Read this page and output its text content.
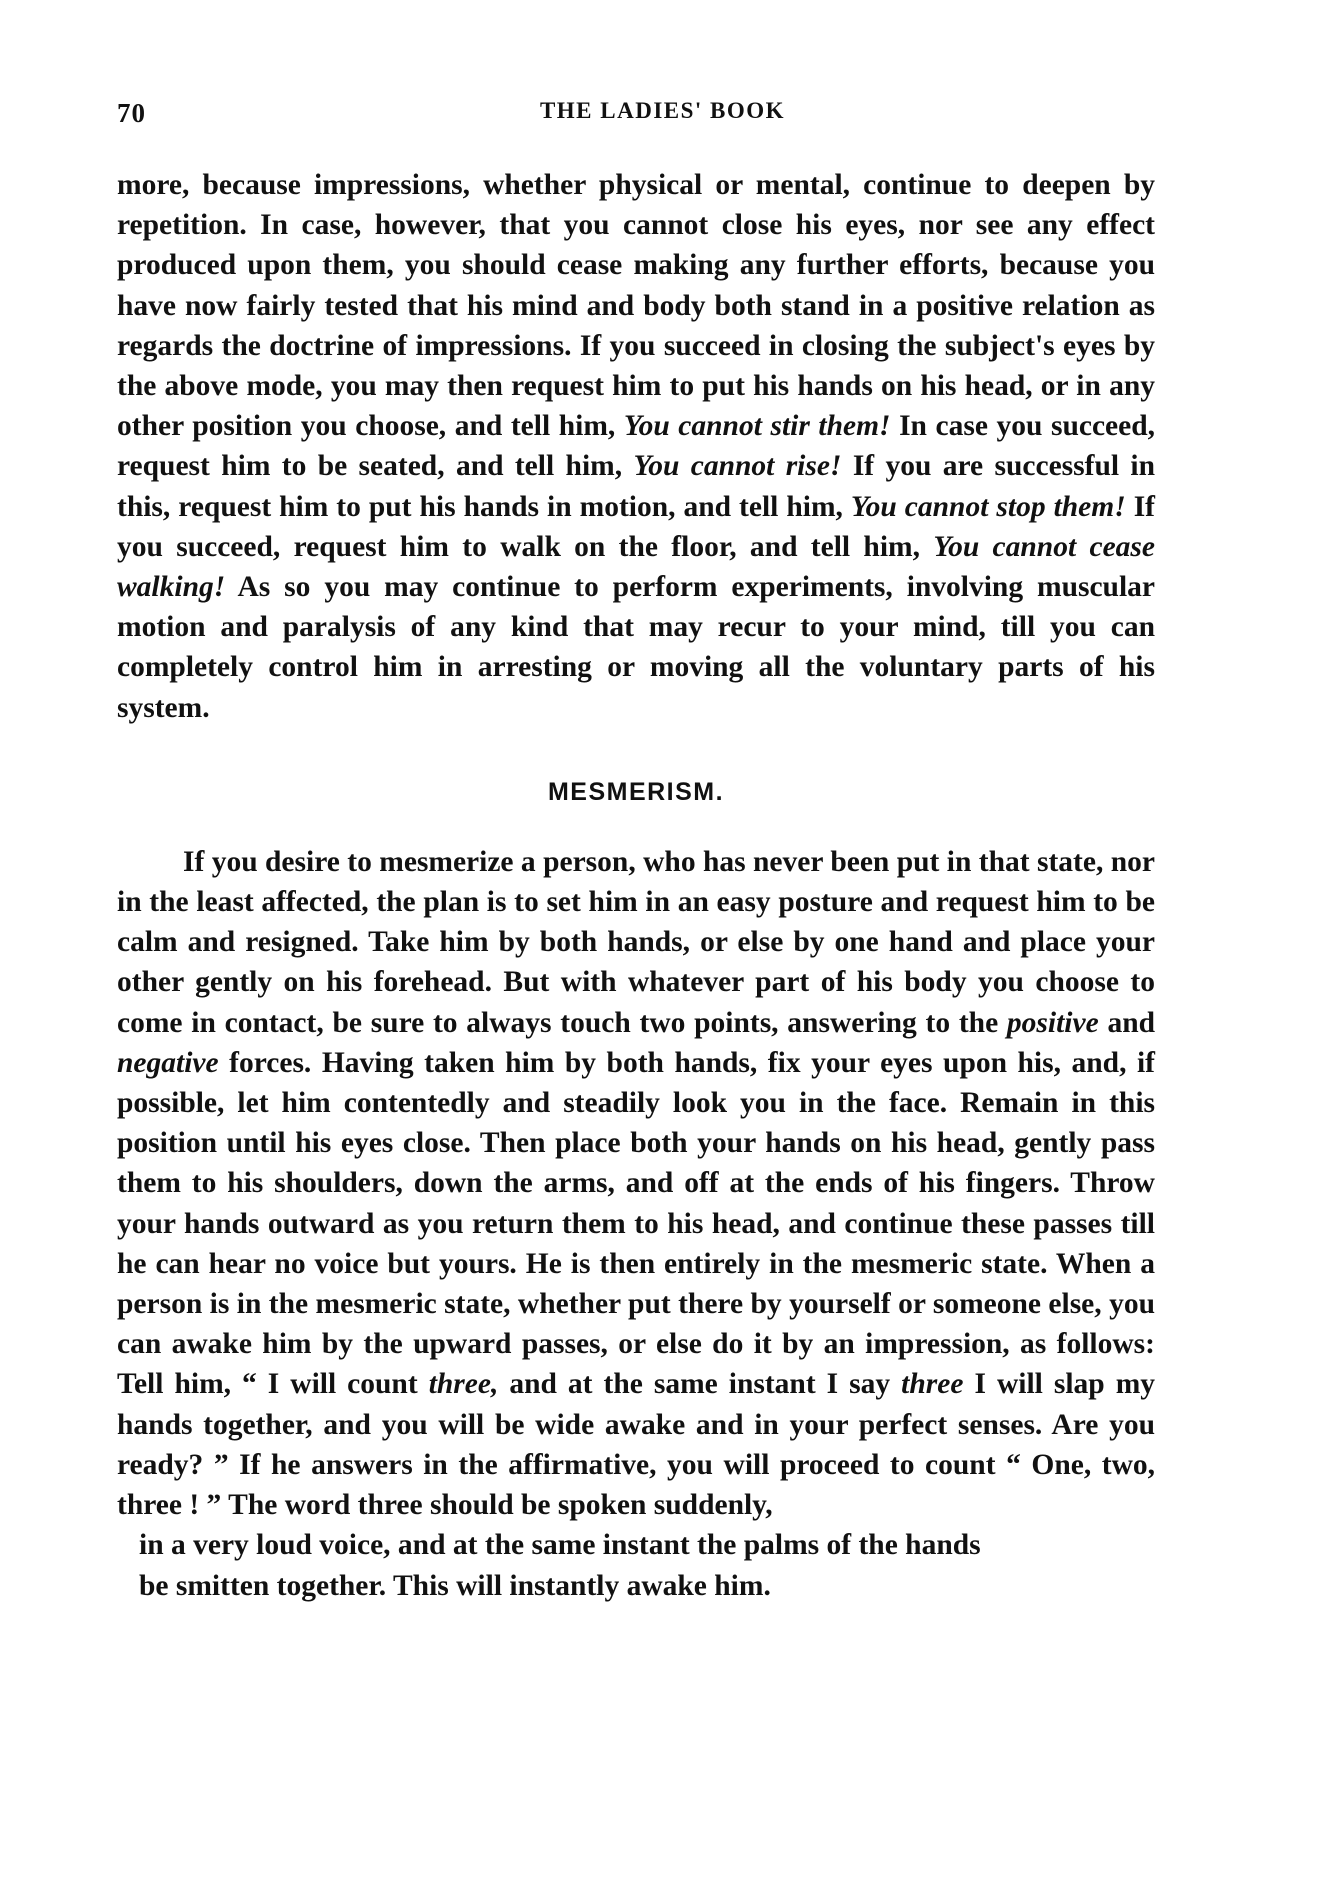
70	THE LADIES' BOOK

more, because impressions, whether physical or mental, continue to deepen by repetition. In case, however, that you cannot close his eyes, nor see any effect produced upon them, you should cease making any further efforts, because you have now fairly tested that his mind and body both stand in a positive relation as regards the doctrine of impressions. If you succeed in closing the subject's eyes by the above mode, you may then request him to put his hands on his head, or in any other position you choose, and tell him, You cannot stir them! In case you succeed, request him to be seated, and tell him, You cannot rise! If you are successful in this, request him to put his hands in motion, and tell him, You cannot stop them! If you succeed, request him to walk on the floor, and tell him, You cannot cease walking! As so you may continue to perform experiments, involving muscular motion and paralysis of any kind that may recur to your mind, till you can completely control him in arresting or moving all the voluntary parts of his system.

MESMERISM.

If you desire to mesmerize a person, who has never been put in that state, nor in the least affected, the plan is to set him in an easy posture and request him to be calm and resigned. Take him by both hands, or else by one hand and place your other gently on his forehead. But with whatever part of his body you choose to come in contact, be sure to always touch two points, answering to the positive and negative forces. Having taken him by both hands, fix your eyes upon his, and, if possible, let him contentedly and steadily look you in the face. Remain in this position until his eyes close. Then place both your hands on his head, gently pass them to his shoulders, down the arms, and off at the ends of his fingers. Throw your hands outward as you return them to his head, and continue these passes till he can hear no voice but yours. He is then entirely in the mesmeric state. When a person is in the mesmeric state, whether put there by yourself or someone else, you can awake him by the upward passes, or else do it by an impression, as follows: Tell him, “ I will count three, and at the same instant I say three I will slap my hands together, and you will be wide awake and in your perfect senses. Are you ready? ” If he answers in the affirmative, you will proceed to count “ One, two, three ! ” The word three should be spoken suddenly,

in a very loud voice, and at the same instant the palms of the hands

be smitten together. This will instantly awake him.
